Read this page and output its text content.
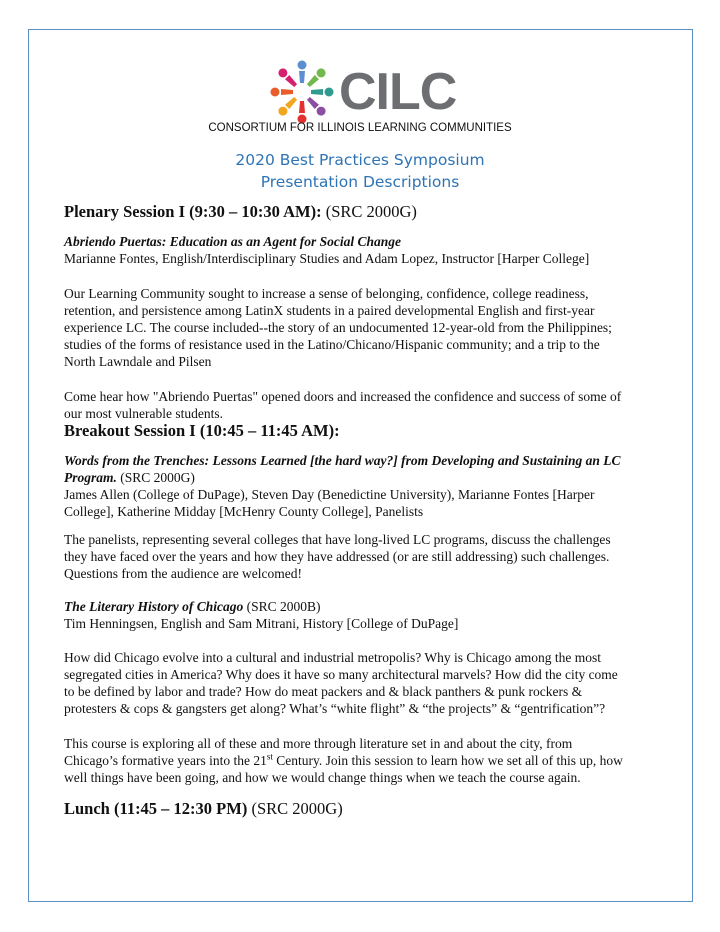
CILC
CONSORTIUM FOR ILLINOIS LEARNING COMMUNITIES
2020 Best Practices Symposium
Presentation Descriptions
Plenary Session I (9:30 – 10:30 AM): (SRC 2000G)
Abriendo Puertas: Education as an Agent for Social Change
Marianne Fontes, English/Interdisciplinary Studies and Adam Lopez, Instructor [Harper College]
Our Learning Community sought to increase a sense of belonging, confidence, college readiness,
retention, and persistence among LatinX students in a paired developmental English and first-year
experience LC. The course included--the story of an undocumented 12-year-old from the Philippines;
studies of the forms of resistance used in the Latino/Chicano/Hispanic community; and a trip to the
North Lawndale and Pilsen
Come hear how "Abriendo Puertas" opened doors and increased the confidence and success of some of
our most vulnerable students.
Breakout Session I (10:45 – 11:45 AM):
Words from the Trenches: Lessons Learned [the hard way?] from Developing and Sustaining an LC
Program. (SRC 2000G)
James Allen (College of DuPage), Steven Day (Benedictine University), Marianne Fontes [Harper
College], Katherine Midday [McHenry County College], Panelists
The panelists, representing several colleges that have long-lived LC programs, discuss the challenges
they have faced over the years and how they have addressed (or are still addressing) such challenges.
Questions from the audience are welcomed!
The Literary History of Chicago (SRC 2000B)
Tim Henningsen, English and Sam Mitrani, History [College of DuPage]
How did Chicago evolve into a cultural and industrial metropolis? Why is Chicago among the most
segregated cities in America? Why does it have so many architectural marvels? How did the city come
to be defined by labor and trade? How do meat packers and & black panthers & punk rockers &
protesters & cops & gangsters get along? What’s “white flight” & “the projects” & “gentrification”?
This course is exploring all of these and more through literature set in and about the city, from
Chicago’s formative years into the 21st Century. Join this session to learn how we set all of this up, how
well things have been going, and how we would change things when we teach the course again.
Lunch (11:45 – 12:30 PM) (SRC 2000G)
